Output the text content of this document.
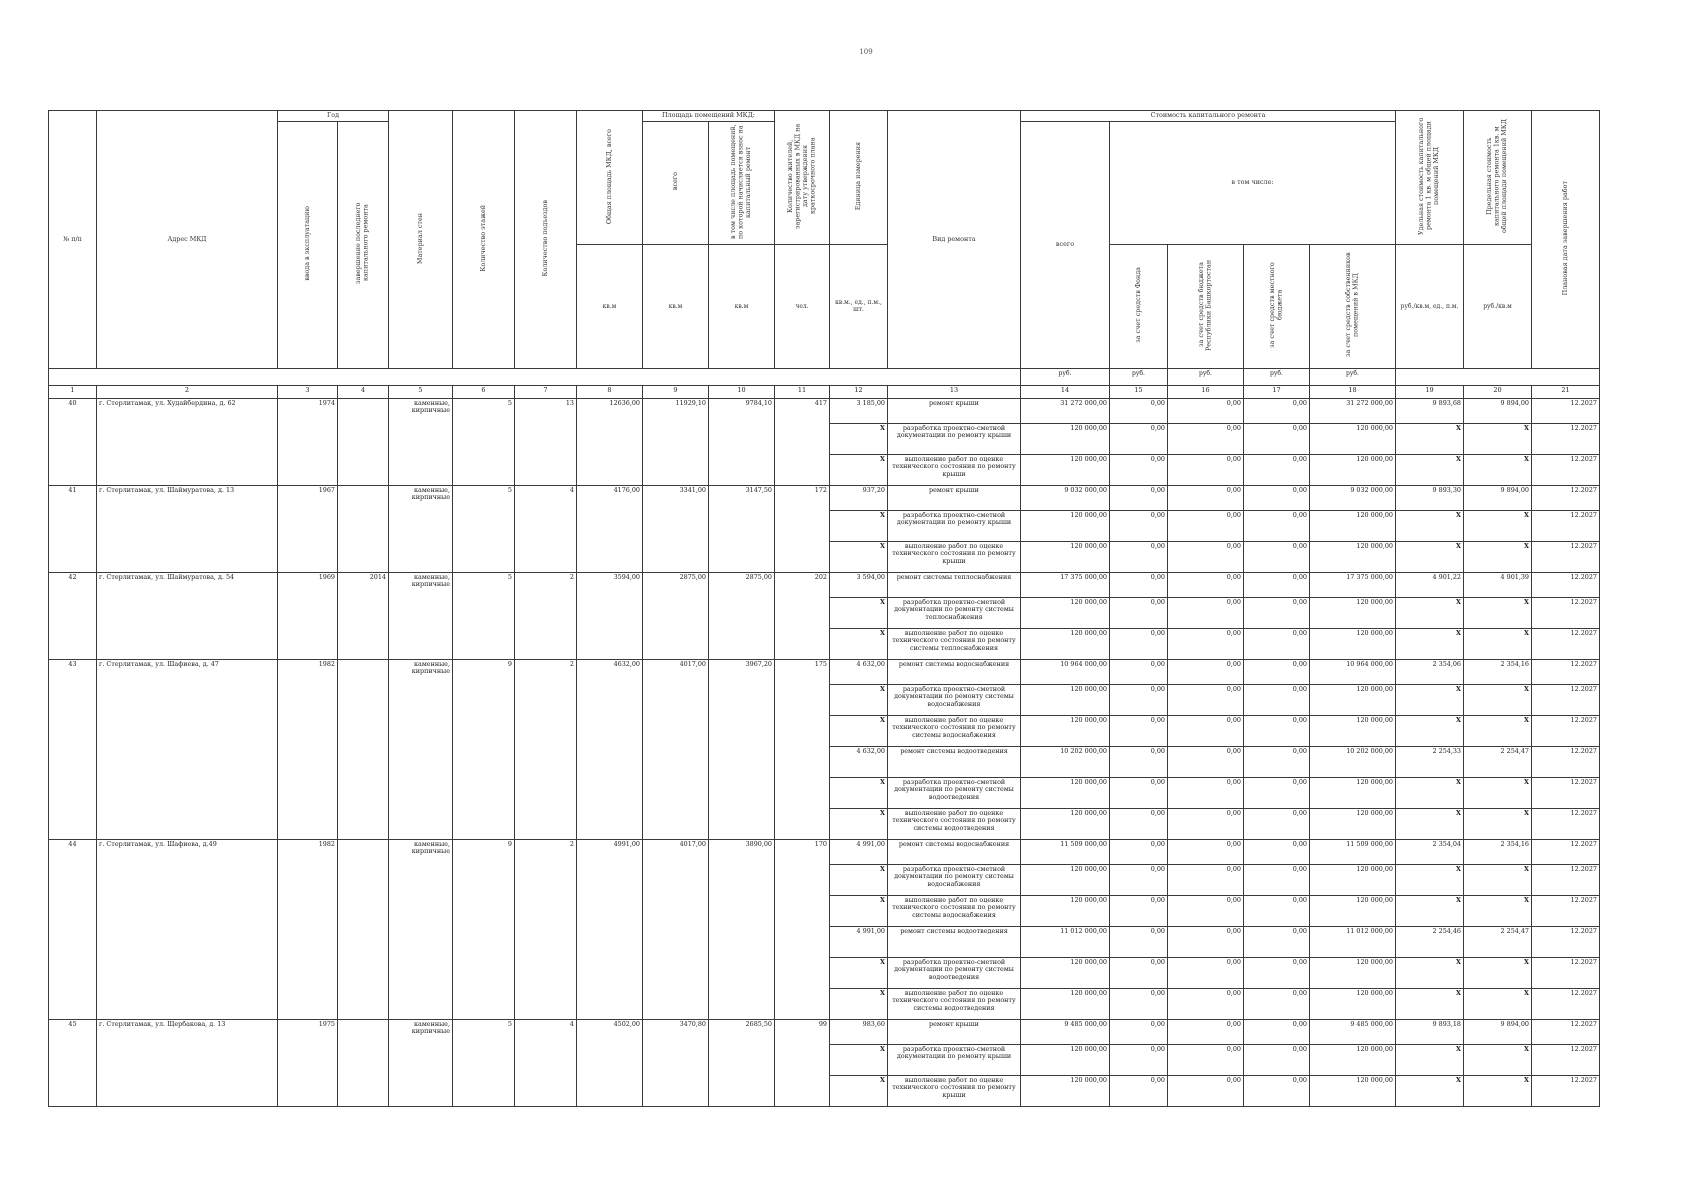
109
№ п/п	Адрес МКД	Год		Материал стен	Количество этажей	Количество подъездов	Общая площадь МКД, всего	Площадь помещений МКД:		Количество жителей, зарегистрированных в МКД на дату утверждения краткосрочного плана	Единица измерения	Вид ремонта	Стоимость капитального ремонта					Удельная стоимость капитального ремонта 1 кв. м общей площади помещений МКД	Предельная стоимость капитального ремонта 1кв. м общей площади помещений МКД	Плановая дата завершения работ
		ввода в эксплуатацию	завершение последнего капитального ремонта					всего	в том числе площадь помещений, по которой начисляется взнос на капитальный ремонт				всего	в том числе:						
							кв.м	кв.м	кв.м	чел.	кв.м., ед., п.м., шт.			за счет средств Фонда	за счет средств бюджета Республики Башкортостан	за счет средств местного бюджета	за счет средств собственников помещений в МКД	руб./кв.м, ед., п.м.	руб./кв.м	
													руб.	руб.	руб.	руб.	руб.			
1	2	3	4	5	6	7	8	9	10	11	12	13	14	15	16	17	18	19	20	21
40	г. Стерлитамак, ул. Худайбердина, д. 62	1974		каменные, кирпичные	5	13	12636,00	11929,10	9784,10	417	3 185,00	ремонт крыши	31 272 000,00	0,00	0,00	0,00	31 272 000,00	9 893,68	9 894,00	12.2027
											X	разработка проектно-сметной документации по ремонту крыши	120 000,00	0,00	0,00	0,00	120 000,00	X	X	12.2027
											X	выполнение работ по оценке технического состояния по ремонту крыши	120 000,00	0,00	0,00	0,00	120 000,00	X	X	12.2027
41	г. Стерлитамак, ул. Шаймуратова, д. 13	1967		каменные, кирпичные	5	4	4176,00	3341,00	3147,50	172	937,20	ремонт крыши	9 032 000,00	0,00	0,00	0,00	9 032 000,00	9 893,30	9 894,00	12.2027
											X	разработка проектно-сметной документации по ремонту крыши	120 000,00	0,00	0,00	0,00	120 000,00	X	X	12.2027
											X	выполнение работ по оценке технического состояния по ремонту крыши	120 000,00	0,00	0,00	0,00	120 000,00	X	X	12.2027
42	г. Стерлитамак, ул. Шаймуратова, д. 54	1969	2014	каменные, кирпичные	5	2	3594,00	2875,00	2875,00	202	3 594,00	ремонт системы теплоснабжения	17 375 000,00	0,00	0,00	0,00	17 375 000,00	4 901,22	4 901,39	12.2027
											X	разработка проектно-сметной документации по ремонту системы теплоснабжения	120 000,00	0,00	0,00	0,00	120 000,00	X	X	12.2027
											X	выполнение работ по оценке технического состояния по ремонту системы теплоснабжения	120 000,00	0,00	0,00	0,00	120 000,00	X	X	12.2027
43	г. Стерлитамак, ул. Шафиева, д. 47	1982		каменные, кирпичные	9	2	4632,00	4017,00	3967,20	175	4 632,00	ремонт системы водоснабжения	10 964 000,00	0,00	0,00	0,00	10 964 000,00	2 354,06	2 354,16	12.2027
											X	разработка проектно-сметной документации по ремонту системы водоснабжения	120 000,00	0,00	0,00	0,00	120 000,00	X	X	12.2027
											X	выполнение работ по оценке технического состояния по ремонту системы водоснабжения	120 000,00	0,00	0,00	0,00	120 000,00	X	X	12.2027
											4 632,00	ремонт системы водоотведения	10 202 000,00	0,00	0,00	0,00	10 202 000,00	2 254,33	2 254,47	12.2027
											X	разработка проектно-сметной документации по ремонту системы водоотведения	120 000,00	0,00	0,00	0,00	120 000,00	X	X	12.2027
											X	выполнение работ по оценке технического состояния по ремонту системы водоотведения	120 000,00	0,00	0,00	0,00	120 000,00	X	X	12.2027
44	г. Стерлитамак, ул. Шафиева, д.49	1982		каменные, кирпичные	9	2	4991,00	4017,00	3890,00	170	4 991,00	ремонт системы водоснабжения	11 509 000,00	0,00	0,00	0,00	11 509 000,00	2 354,04	2 354,16	12.2027
											X	разработка проектно-сметной документации по ремонту системы водоснабжения	120 000,00	0,00	0,00	0,00	120 000,00	X	X	12.2027
											X	выполнение работ по оценке технического состояния по ремонту системы водоснабжения	120 000,00	0,00	0,00	0,00	120 000,00	X	X	12.2027
											4 991,00	ремонт системы водоотведения	11 012 000,00	0,00	0,00	0,00	11 012 000,00	2 254,46	2 254,47	12.2027
											X	разработка проектно-сметной документации по ремонту системы водоотведения	120 000,00	0,00	0,00	0,00	120 000,00	X	X	12.2027
											X	выполнение работ по оценке технического состояния по ремонту системы водоотведения	120 000,00	0,00	0,00	0,00	120 000,00	X	X	12.2027
45	г. Стерлитамак, ул. Щербакова, д. 13	1975		каменные, кирпичные	5	4	4502,00	3470,80	2685,50	99	983,60	ремонт крыши	9 485 000,00	0,00	0,00	0,00	9 485 000,00	9 893,18	9 894,00	12.2027
											X	разработка проектно-сметной документации по ремонту крыши	120 000,00	0,00	0,00	0,00	120 000,00	X	X	12.2027
											X	выполнение работ по оценке технического состояния по ремонту крыши	120 000,00	0,00	0,00	0,00	120 000,00	X	X	12.2027
